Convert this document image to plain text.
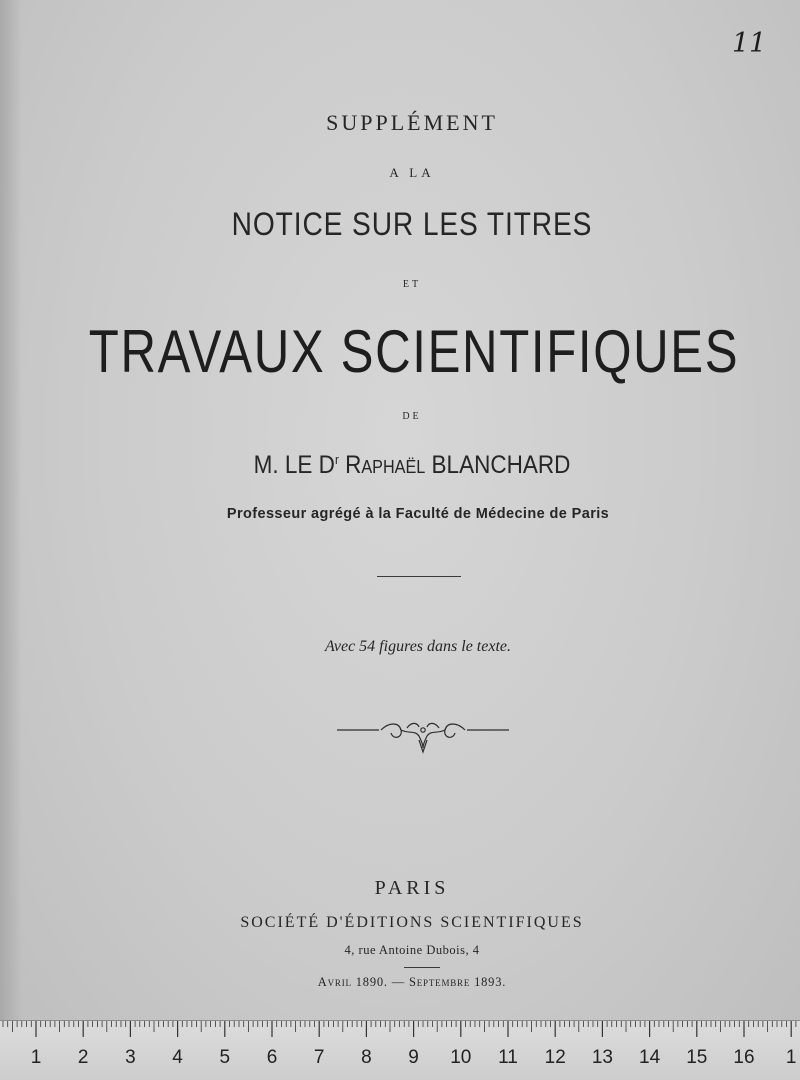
11
SUPPLÉMENT
A LA
NOTICE SUR LES TITRES
ET
TRAVAUX SCIENTIFIQUES
DE
M. LE $D^r$ Raphaël BLANCHARD
Professeur agrégé à la Faculté de Médecine de Paris
Avec 54 figures dans le texte.
PARIS
SOCIÉTÉ D'ÉDITIONS SCIENTIFIQUES
4, rue Antoine Dubois, 4
Avril 1890. — Septembre 1893.
1 2 3 4 5 6 7 8 9 10 11 12 13 14 15 16 1
